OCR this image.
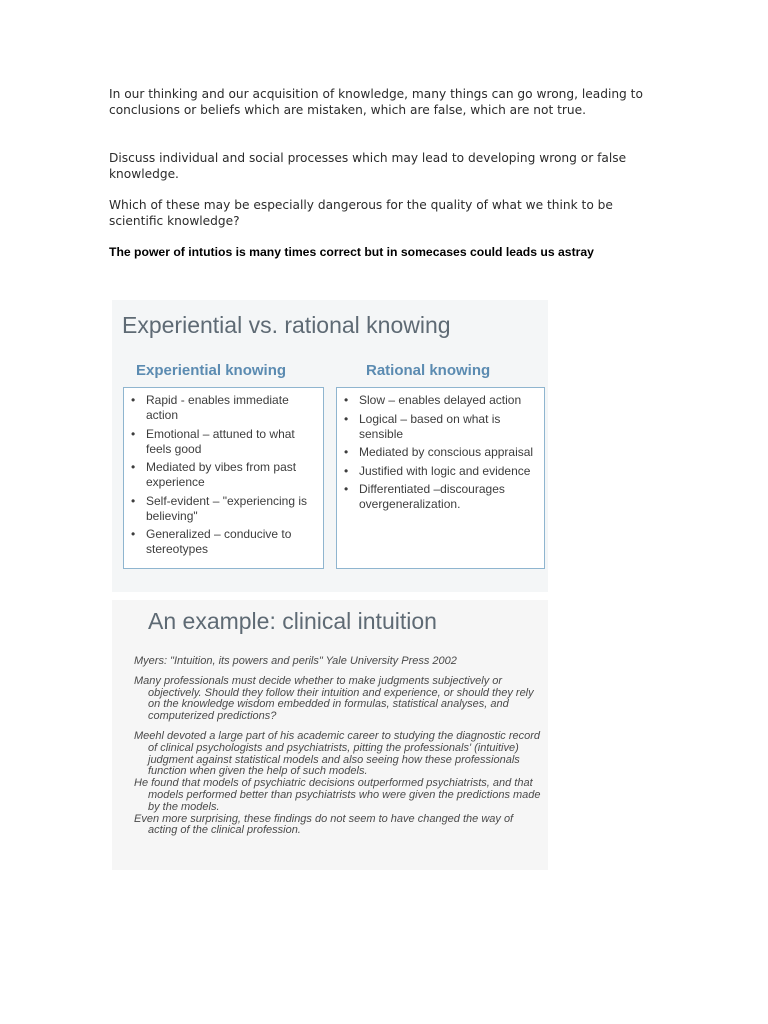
In our thinking and our acquisition of knowledge, many things can go wrong, leading to conclusions or beliefs which are mistaken, which are false, which are not true.
Discuss individual and social processes which may lead to developing wrong or false knowledge.
Which of these may be especially dangerous for the quality of what we think to be scientific knowledge?
The power of intutios is many times correct but in somecases could leads us astray
Experiential vs. rational knowing
Experiential knowing	Rational knowing
• Rapid - enables immediate action
• Emotional – attuned to what feels good
• Mediated by vibes from past experience
• Self-evident – "experiencing is believing"
• Generalized – conducive to stereotypes
• Slow – enables delayed action
• Logical – based on what is sensible
• Mediated by conscious appraisal
• Justified with logic and evidence
• Differentiated –discourages overgeneralization.
An example: clinical intuition

Myers: "Intuition, its powers and perils" Yale University Press 2002

Many professionals must decide whether to make judgments subjectively or objectively. Should they follow their intuition and experience, or should they rely on the knowledge wisdom embedded in formulas, statistical analyses, and computerized predictions?

Meehl devoted a large part of his academic career to studying the diagnostic record of clinical psychologists and psychiatrists, pitting the professionals' (intuitive) judgment against statistical models and also seeing how these professionals function when given the help of such models.

He found that models of psychiatric decisions outperformed psychiatrists, and that models performed better than psychiatrists who were given the predictions made by the models.

Even more surprising, these findings do not seem to have changed the way of acting of the clinical profession.
